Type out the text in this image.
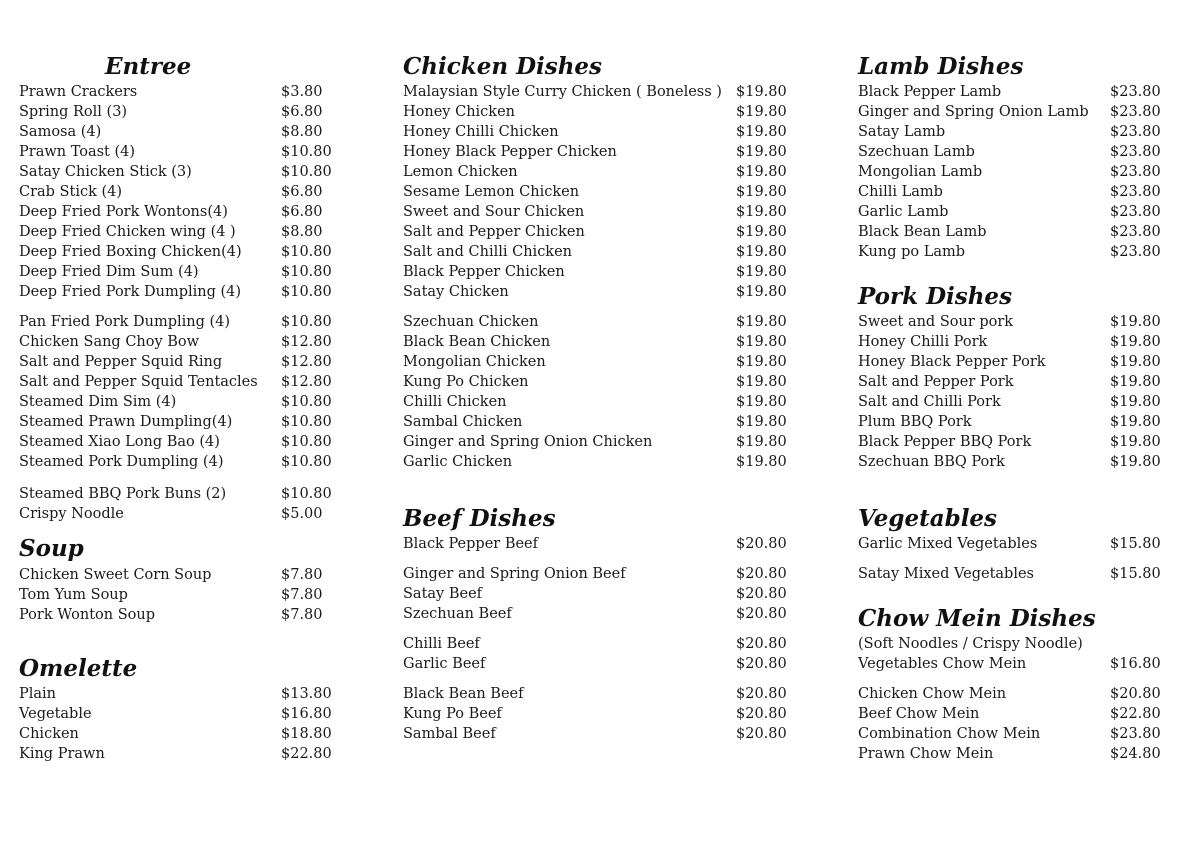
Entree
Prawn Crackers	$3.80
Spring Roll (3)	$6.80
Samosa (4)	$8.80
Prawn Toast (4)	$10.80
Satay Chicken Stick (3)	$10.80
Crab Stick (4)	$6.80
Deep Fried Pork Wontons(4)	$6.80
Deep Fried Chicken wing (4 )	$8.80
Deep Fried Boxing Chicken(4)	$10.80
Deep Fried Dim Sum (4)	$10.80
Deep Fried Pork Dumpling (4)	$10.80
Pan Fried Pork Dumpling (4)	$10.80
Chicken Sang Choy Bow	$12.80
Salt and Pepper Squid Ring	$12.80
Salt and Pepper Squid Tentacles $12.80
Steamed Dim Sim (4)	$10.80
Steamed Prawn Dumpling(4)	$10.80
Steamed Xiao Long Bao (4)	$10.80
Steamed Pork Dumpling (4)	$10.80
Steamed BBQ Pork Buns (2)	$10.80
Crispy Noodle	$5.00
Soup
Chicken Sweet Corn Soup	$7.80
Tom Yum Soup	$7.80
Pork Wonton Soup	$7.80
Omelette
Plain	$13.80
Vegetable	$16.80
Chicken	$18.80
King Prawn	$22.80
Chicken Dishes
Malaysian Style Curry Chicken ( Boneless ) $19.80
Honey Chicken	$19.80
Honey Chilli Chicken	$19.80
Honey Black Pepper Chicken	$19.80
Lemon Chicken	$19.80
Sesame Lemon Chicken	$19.80
Sweet and Sour Chicken	$19.80
Salt and Pepper Chicken	$19.80
Salt and Chilli Chicken	$19.80
Black Pepper Chicken	$19.80
Satay Chicken	$19.80
Szechuan Chicken	$19.80
Black Bean Chicken	$19.80
Mongolian Chicken	$19.80
Kung Po Chicken	$19.80
Chilli Chicken	$19.80
Sambal Chicken	$19.80
Ginger and Spring Onion Chicken	$19.80
Garlic Chicken	$19.80
Beef Dishes
Black Pepper Beef	$20.80
Ginger and Spring Onion Beef	$20.80
Satay Beef	$20.80
Szechuan Beef	$20.80
Chilli Beef	$20.80
Garlic Beef	$20.80
Black Bean Beef	$20.80
Kung Po Beef	$20.80
Sambal Beef	$20.80
Lamb Dishes
Black Pepper Lamb	$23.80
Ginger and Spring Onion Lamb $23.80
Satay Lamb	$23.80
Szechuan Lamb	$23.80
Mongolian Lamb	$23.80
Chilli Lamb	$23.80
Garlic Lamb	$23.80
Black Bean Lamb	$23.80
Kung po Lamb	$23.80
Pork Dishes
Sweet and Sour pork	$19.80
Honey Chilli Pork	$19.80
Honey Black Pepper Pork	$19.80
Salt and Pepper Pork	$19.80
Salt and Chilli Pork	$19.80
Plum BBQ Pork	$19.80
Black Pepper BBQ Pork	$19.80
Szechuan BBQ Pork	$19.80
Vegetables
Garlic Mixed Vegetables	$15.80
Satay Mixed Vegetables	$15.80
Chow Mein Dishes
(Soft Noodles / Crispy Noodle)
Vegetables Chow Mein	$16.80
Chicken Chow Mein	$20.80
Beef Chow Mein	$22.80
Combination Chow Mein	$23.80
Prawn Chow Mein	$24.80
